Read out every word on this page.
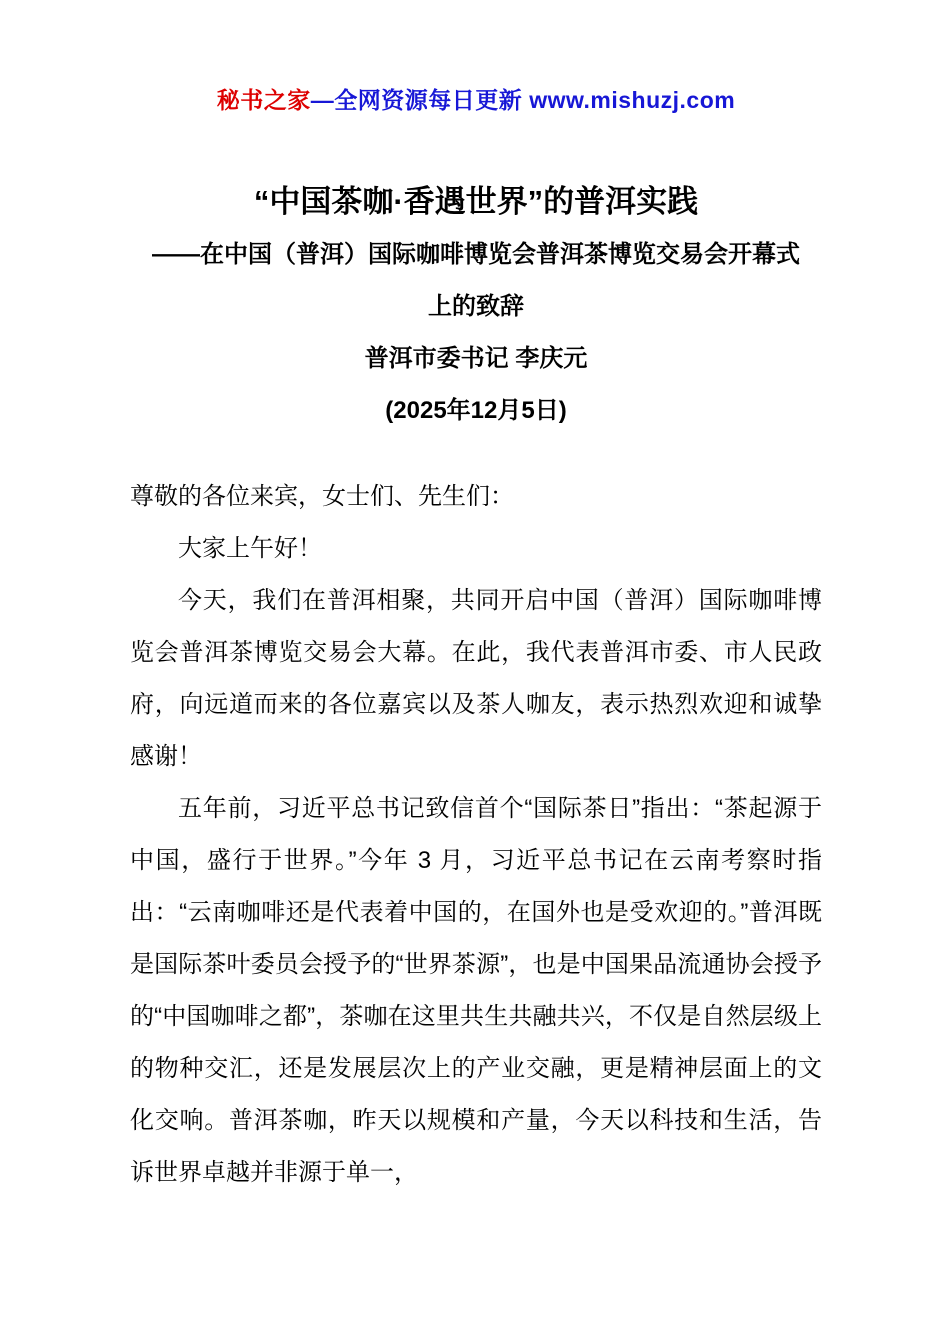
秘书之家—全网资源每日更新 www.mishuzj.com
“中国茶咖·香遇世界”的普洱实践
——在中国（普洱）国际咖啡博览会普洱茶博览交易会开幕式
上的致辞
普洱市委书记 李庆元
(2025年12月5日)

尊敬的各位来宾，女士们、先生们：

大家上午好！

今天，我们在普洱相聚，共同开启中国（普洱）国际咖啡博览会普洱茶博览交易会大幕。在此，我代表普洱市委、市人民政府，向远道而来的各位嘉宾以及茶人咖友，表示热烈欢迎和诚挚感谢！

五年前，习近平总书记致信首个“国际茶日”指出：“茶起源于中国，盛行于世界。”今年 3 月，习近平总书记在云南考察时指出：“云南咖啡还是代表着中国的，在国外也是受欢迎的。”普洱既是国际茶叶委员会授予的“世界茶源”，也是中国果品流通协会授予的“中国咖啡之都”，茶咖在这里共生共融共兴，不仅是自然层级上的物种交汇，还是发展层次上的产业交融，更是精神层面上的文化交响。普洱茶咖，昨天以规模和产量，今天以科技和生活，告诉世界卓越并非源于单一，
